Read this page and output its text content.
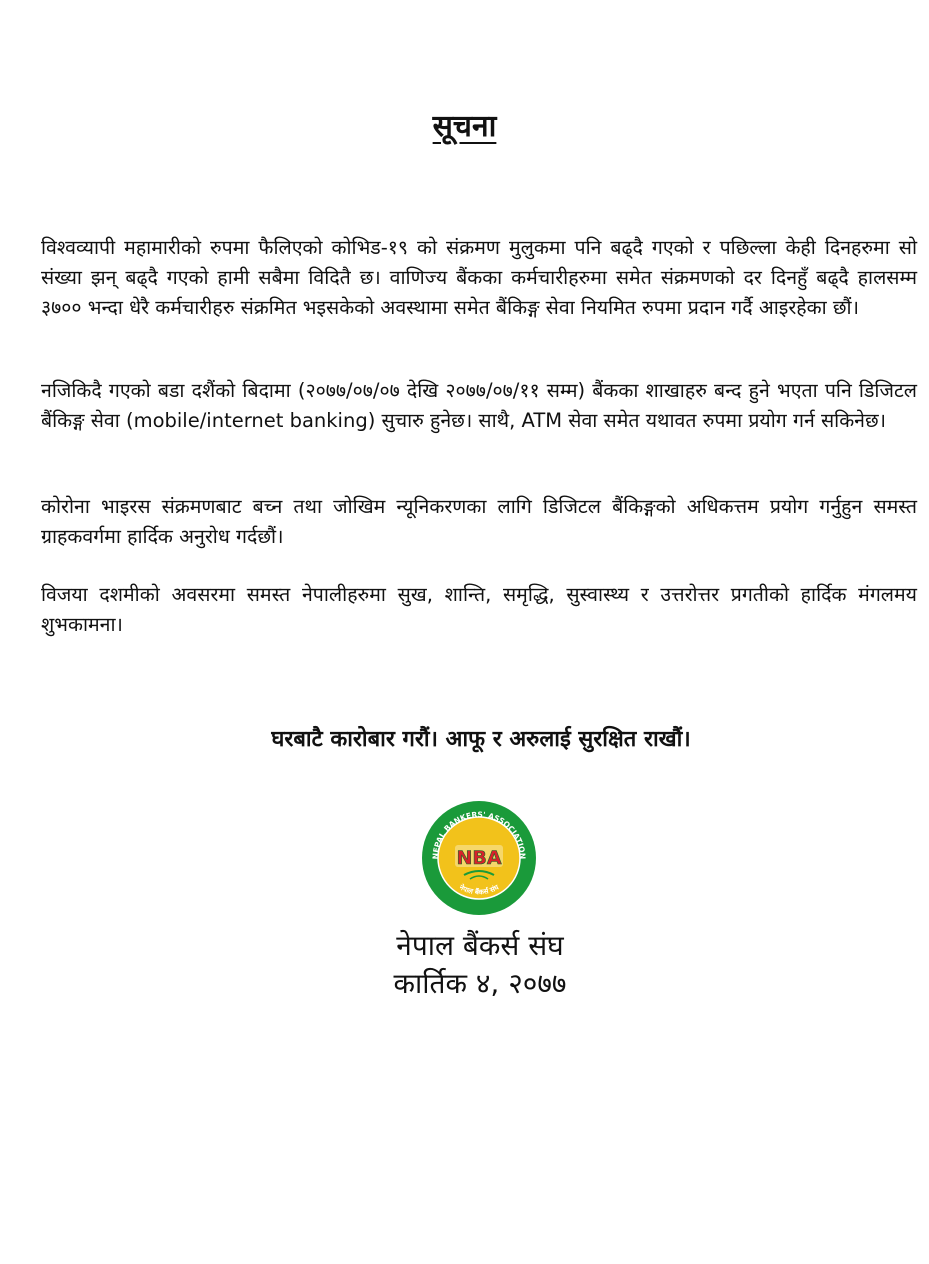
सूचना

विश्वव्यापी महामारीको रुपमा फैलिएको कोभिड-१९ को संक्रमण मुलुकमा पनि बढ्दै गएको र पछिल्ला केही दिनहरुमा सो संख्या झन् बढ्दै गएको हामी सबैमा विदितै छ। वाणिज्य बैंकका कर्मचारीहरुमा समेत संक्रमणको दर दिनहुँ बढ्दै हालसम्म ३७०० भन्दा धेरै कर्मचारीहरु संक्रमित भइसकेको अवस्थामा समेत बैंकिङ्ग सेवा नियमित रुपमा प्रदान गर्दै आइरहेका छौं।

नजिकिदै गएको बडा दशैंको बिदामा (२०७७/०७/०७ देखि २०७७/०७/११ सम्म) बैंकका शाखाहरु बन्द हुने भएता पनि डिजिटल बैंकिङ्ग सेवा (mobile/internet banking) सुचारु हुनेछ। साथै, ATM सेवा समेत यथावत रुपमा प्रयोग गर्न सकिनेछ।

कोरोना भाइरस संक्रमणबाट बच्न तथा जोखिम न्यूनिकरणका लागि डिजिटल बैंकिङ्गको अधिकत्तम प्रयोग गर्नुहुन समस्त ग्राहकवर्गमा हार्दिक अनुरोध गर्दछौं।

विजया दशमीको अवसरमा समस्त नेपालीहरुमा सुख, शान्ति, समृद्धि, सुस्वास्थ्य र उत्तरोत्तर प्रगतीको हार्दिक मंगलमय शुभकामना।

घरबाटै कारोबार गरौं। आफू र अरुलाई सुरक्षित राखौं।
NEPAL BANKERS' ASSOCIATION
नेपाल बैंकर्स संघ
NBA
नेपाल बैंकर्स संघ
कार्तिक ४, २०७७
